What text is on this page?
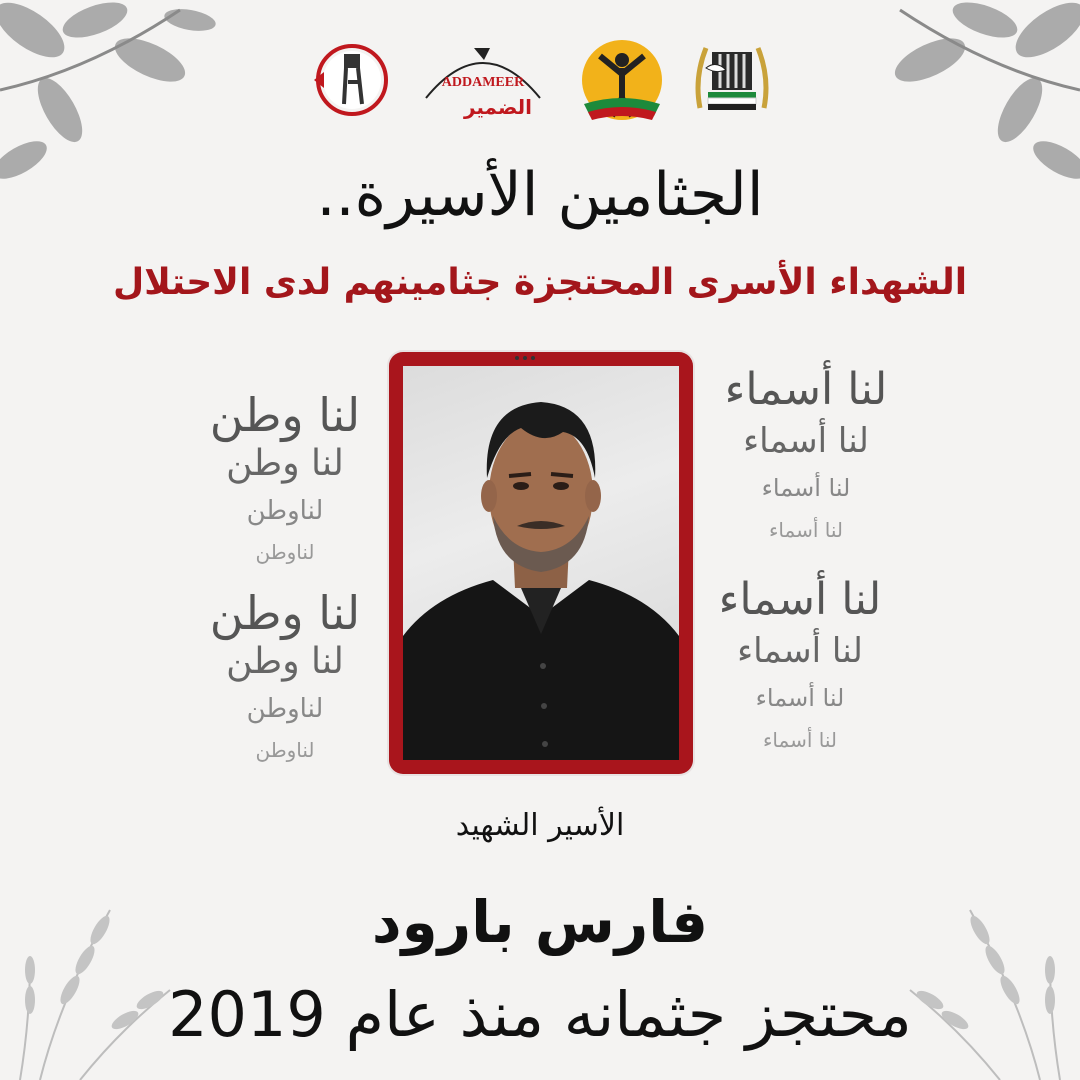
ADDAMEER
الضمير
الجثامين الأسيرة..
الشهداء الأسرى المحتجزة جثامينهم لدى الاحتلال
لنا وطن
لنا وطن
لناوطن
لناوطن
لنا وطن
لنا وطن
لناوطن
لناوطن
لنا أسماء
لنا أسماء
لنا أسماء
لنا أسماء
لنا أسماء
لنا أسماء
لنا أسماء
لنا أسماء
الأسير الشهيد
فارس بارود
محتجز جثمانه منذ عام 2019
